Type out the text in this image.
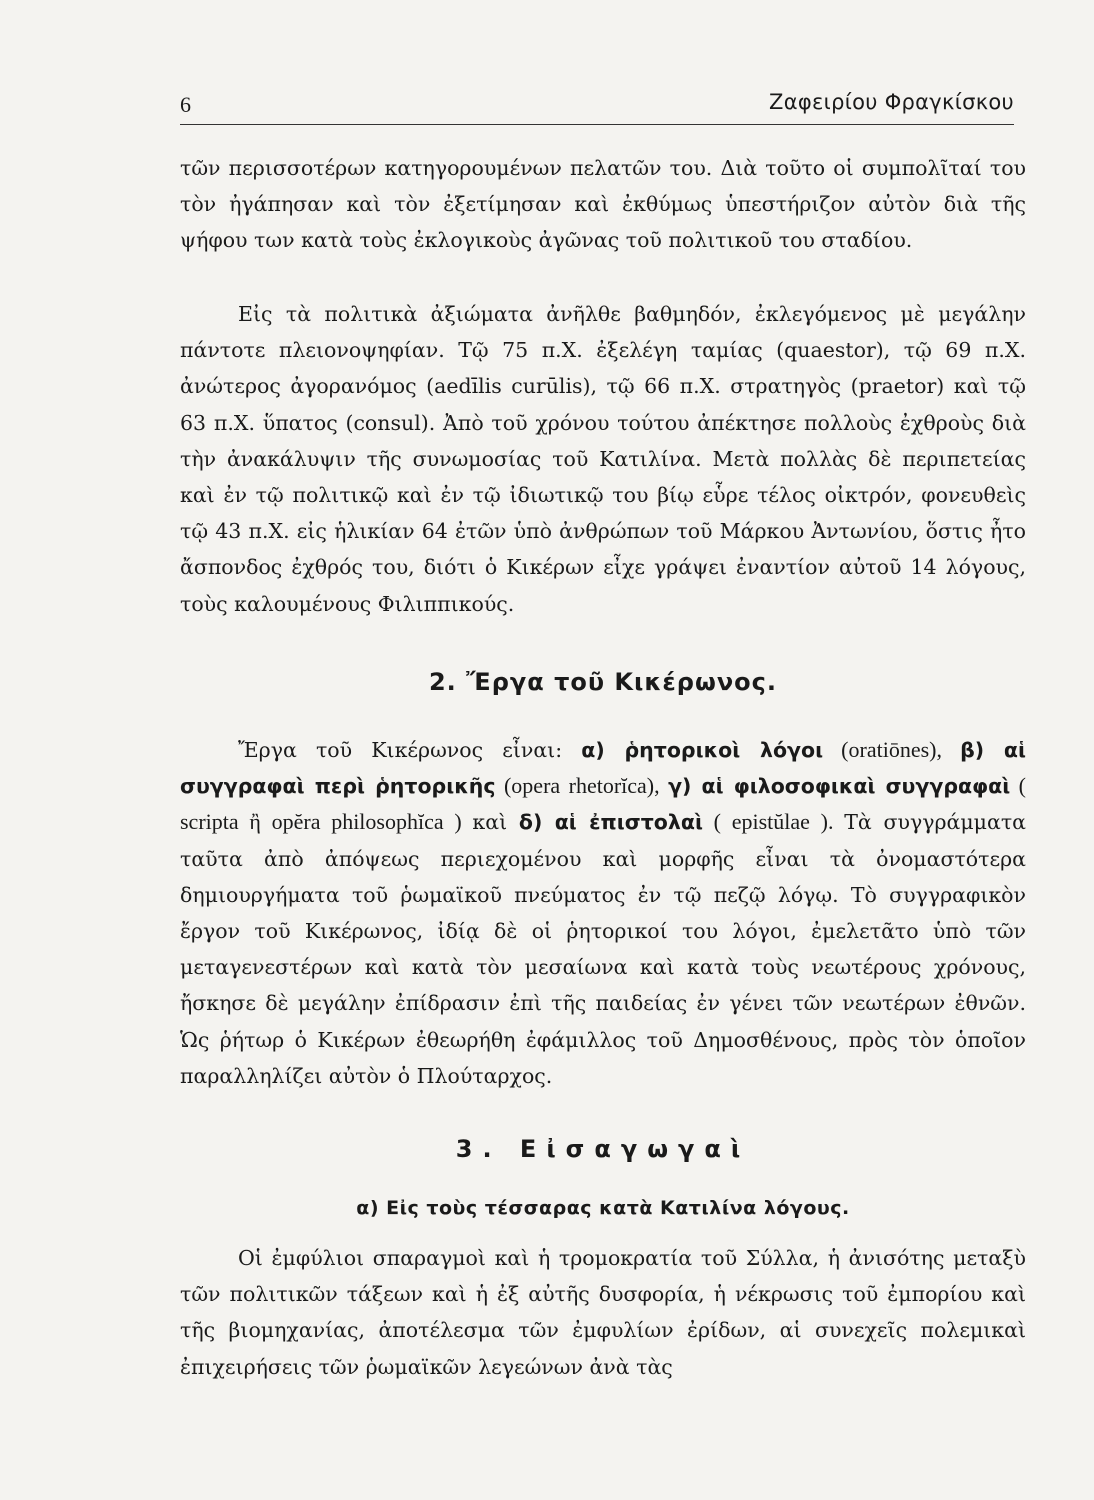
6	Ζαφειρίου Φραγκίσκου

τῶν περισσοτέρων κατηγορουμένων πελατῶν του. Διὰ τοῦτο οἱ συμπολῖταί του τὸν ἠγάπησαν καὶ τὸν ἐξετίμησαν καὶ ἐκθύμως ὑπεστήριζον αὐτὸν διὰ τῆς ψήφου των κατὰ τοὺς ἐκλογικοὺς ἀγῶνας τοῦ πολιτικοῦ του σταδίου.

Εἰς τὰ πολιτικὰ ἀξιώματα ἀνῆλθε βαθμηδόν, ἐκλεγόμενος μὲ μεγάλην πάντοτε πλειονοψηφίαν. Τῷ 75 π.Χ. ἐξελέγη ταμίας (quaestor), τῷ 69 π.Χ. ἀνώτερος ἀγορανόμος (aedīlis curūlis), τῷ 66 π.Χ. στρατηγὸς (praetor) καὶ τῷ 63 π.Χ. ὕπατος (consul). Ἀπὸ τοῦ χρόνου τούτου ἀπέκτησε πολλοὺς ἐχθροὺς διὰ τὴν ἀνακάλυψιν τῆς συνωμοσίας τοῦ Κατιλίνα. Μετὰ πολλὰς δὲ περιπετείας καὶ ἐν τῷ πολιτικῷ καὶ ἐν τῷ ἰδιωτικῷ του βίῳ εὗρε τέλος οἰκτρόν, φονευθεὶς τῷ 43 π.Χ. εἰς ἡλικίαν 64 ἐτῶν ὑπὸ ἀνθρώπων τοῦ Μάρκου Ἀντωνίου, ὅστις ἦτο ἄσπονδος ἐχθρός του, διότι ὁ Κικέρων εἶχε γράψει ἐναντίον αὐτοῦ 14 λόγους, τοὺς καλουμένους Φιλιππικούς.

2. Ἔργα τοῦ Κικέρωνος.

Ἔργα τοῦ Κικέρωνος εἶναι: α) ῥητορικοὶ λόγοι (oratiōnes), β) αἱ συγγραφαὶ περὶ ῥητορικῆς (opera rhetorĭca), γ) αἱ φιλοσοφικαὶ συγγραφαὶ ( scripta ἢ opĕra philosophĭca ) καὶ δ) αἱ ἐπιστολαὶ ( epistŭlae ). Τὰ συγγράμματα ταῦτα ἀπὸ ἀπόψεως περιεχομένου καὶ μορφῆς εἶναι τὰ ὀνομαστότερα δημιουργήματα τοῦ ῥωμαϊκοῦ πνεύματος ἐν τῷ πεζῷ λόγῳ. Τὸ συγγραφικὸν ἔργον τοῦ Κικέρωνος, ἰδίᾳ δὲ οἱ ῥητορικοί του λόγοι, ἐμελετᾶτο ὑπὸ τῶν μεταγενεστέρων καὶ κατὰ τὸν μεσαίωνα καὶ κατὰ τοὺς νεωτέρους χρόνους, ἤσκησε δὲ μεγάλην ἐπίδρασιν ἐπὶ τῆς παιδείας ἐν γένει τῶν νεωτέρων ἐθνῶν. Ὡς ῥήτωρ ὁ Κικέρων ἐθεωρήθη ἐφάμιλλος τοῦ Δημοσθένους, πρὸς τὸν ὁποῖον παραλληλίζει αὐτὸν ὁ Πλούταρχος.

3. Εἰσαγωγαὶ
α) Εἰς τοὺς τέσσαρας κατὰ Κατιλίνα λόγους.

Οἱ ἐμφύλιοι σπαραγμοὶ καὶ ἡ τρομοκρατία τοῦ Σύλλα, ἡ ἀνισότης μεταξὺ τῶν πολιτικῶν τάξεων καὶ ἡ ἐξ αὐτῆς δυσφορία, ἡ νέκρωσις τοῦ ἐμπορίου καὶ τῆς βιομηχανίας, ἀποτέλεσμα τῶν ἐμφυλίων ἐρίδων, αἱ συνεχεῖς πολεμικαὶ ἐπιχειρήσεις τῶν ῥωμαϊκῶν λεγεώνων ἀνὰ τὰς
